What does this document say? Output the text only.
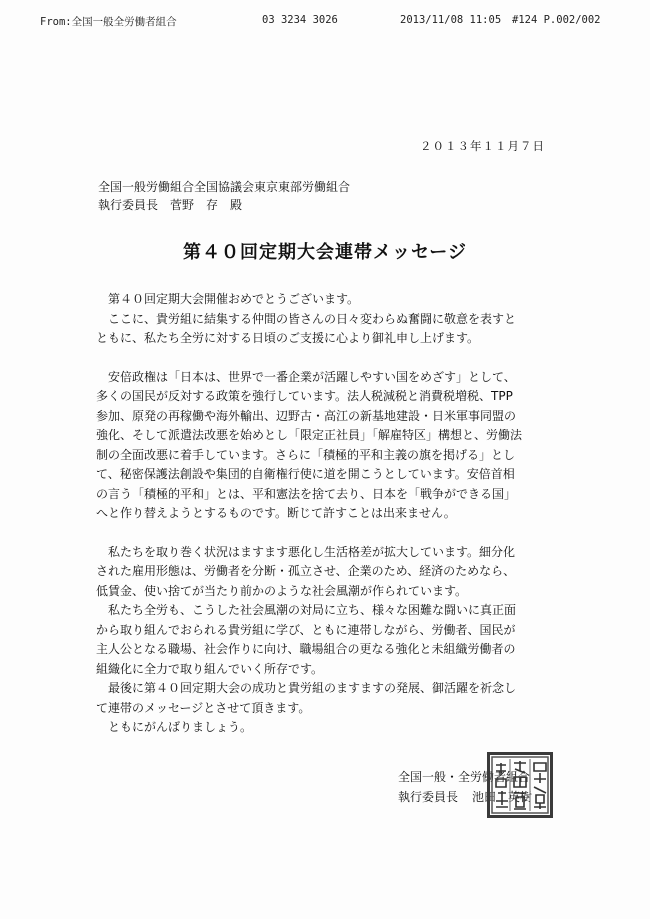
From:全国一般全労働者組合	03 3234 3026	2013/11/08 11:05 #124 P.002/002
２０１３年１１月７日
全国一般労働組合全国協議会東京東部労働組合
執行委員長　菅野　存　殿
第４０回定期大会連帯メッセージ
第４０回定期大会開催おめでとうございます。
ここに、貴労組に結集する仲間の皆さんの日々変わらぬ奮闘に敬意を表すと
ともに、私たち全労に対する日頃のご支援に心より御礼申し上げます。
安倍政権は「日本は、世界で一番企業が活躍しやすい国をめざす」として、
多くの国民が反対する政策を強行しています。法人税減税と消費税増税、TPP
参加、原発の再稼働や海外輸出、辺野古・高江の新基地建設・日米軍事同盟の
強化、そして派遣法改悪を始めとし「限定正社員」「解雇特区」構想と、労働法
制の全面改悪に着手しています。さらに「積極的平和主義の旗を掲げる」とし
て、秘密保護法創設や集団的自衛権行使に道を開こうとしています。安倍首相
の言う「積極的平和」とは、平和憲法を捨て去り、日本を「戦争ができる国」
へと作り替えようとするものです。断じて許すことは出来ません。
私たちを取り巻く状況はますます悪化し生活格差が拡大しています。細分化
された雇用形態は、労働者を分断・孤立させ、企業のため、経済のためなら、
低賃金、使い捨てが当たり前かのような社会風潮が作られています。
私たち全労も、こうした社会風潮の対局に立ち、様々な困難な闘いに真正面
から取り組んでおられる貴労組に学び、ともに連帯しながら、労働者、国民が
主人公となる職場、社会作りに向け、職場組合の更なる強化と未組織労働者の
組織化に全力で取り組んでいく所存です。
最後に第４０回定期大会の成功と貴労組のますますの発展、御活躍を祈念し
て連帯のメッセージとさせて頂きます。
ともにがんばりましょう。
全国一般・全労働者組合
執行委員長	池田　英樹
